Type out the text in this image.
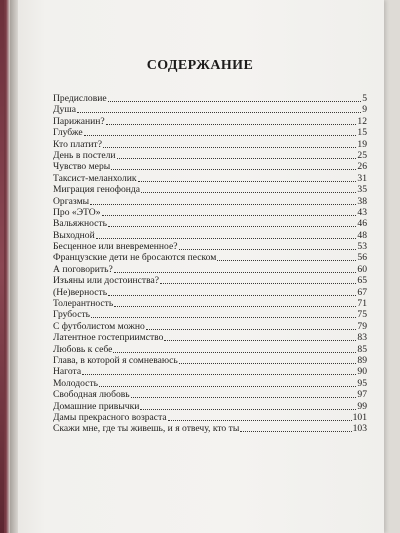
СОДЕРЖАНИЕ
Предисловие	5
Душа	9
Парижанин?	12
Глубже	15
Кто платит?	19
День в постели	25
Чувство меры	26
Таксист-меланхолик	31
Миграция генофонда	35
Оргазмы	38
Про «ЭТО»	43
Вальяжность	46
Выходной	48
Бесценное или вневременное?	53
Французские дети не бросаются песком	56
А поговорить?	60
Изъяны или достоинства?	65
(Не)верность	67
Толерантность	71
Грубость	75
С футболистом можно	79
Латентное гостеприимство	83
Любовь к себе	85
Глава, в которой я сомневаюсь	89
Нагота	90
Молодость	95
Свободная любовь	97
Домашние привычки	99
Дамы прекрасного возраста	101
Скажи мне, где ты живешь, и я отвечу, кто ты	103
